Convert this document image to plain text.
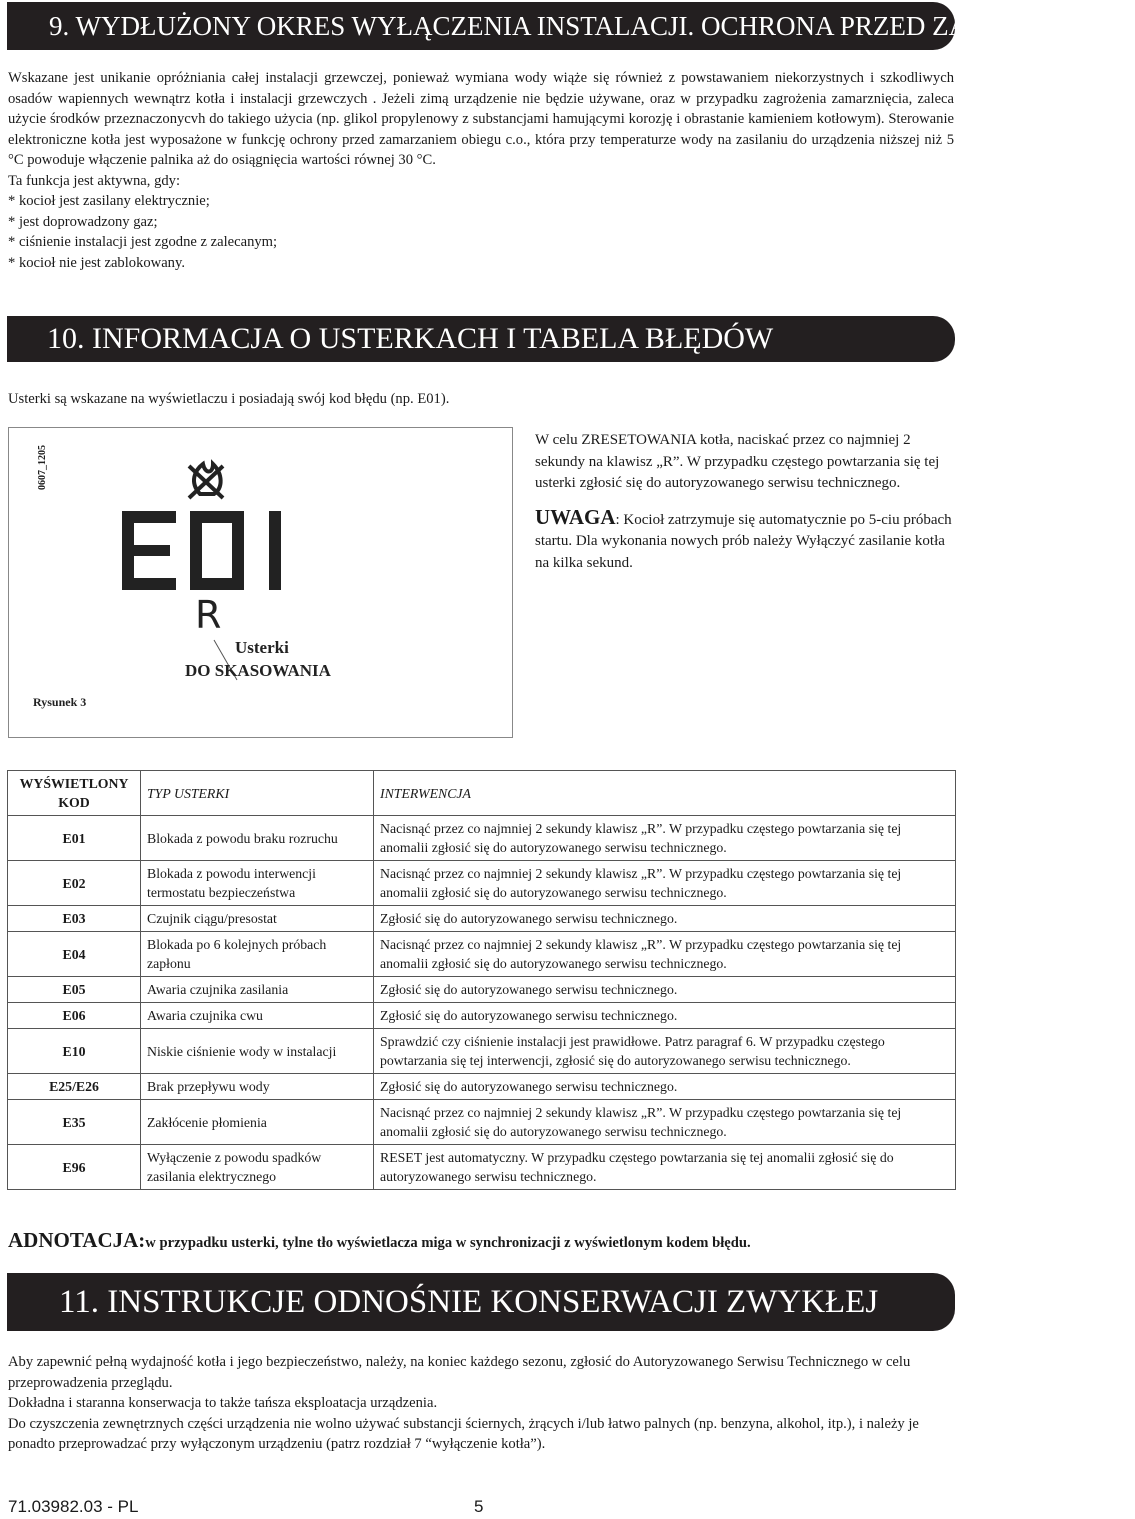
9. WYDŁUŻONY OKRES WYŁĄCZENIA INSTALACJI. OCHRONA PRZED ZAMARZANIEM

Wskazane jest unikanie opróżniania całej instalacji grzewczej, ponieważ wymiana wody wiąże się również z powstawaniem niekorzystnych i szkodliwych osadów wapiennych wewnątrz kotła i instalacji grzewczych . Jeżeli zimą urządzenie nie będzie używane, oraz w przypadku zagrożenia zamarznięcia, zaleca użycie środków przeznaczonycvh do takiego użycia (np. glikol propylenowy z substancjami hamującymi korozję i obrastanie kamieniem kotłowym). Sterowanie elektroniczne kotła jest wyposażone w funkcję ochrony przed zamarzaniem obiegu c.o., która przy temperaturze wody na zasilaniu do urządzenia niższej niż 5 °C powoduje włączenie palnika aż do osiągnięcia wartości równej 30 °C.

Ta funkcja jest aktywna, gdy:

* kocioł jest zasilany elektrycznie;

* jest doprowadzony gaz;

* ciśnienie instalacji jest zgodne z zalecanym;

* kocioł nie jest zablokowany.

10. INFORMACJA O USTERKACH I TABELA BŁĘDÓW
Usterki są wskazane na wyświetlaczu i posiadają swój kod błędu (np. E01).
0607_1205
R
Usterki
DO SKASOWANIA
Rysunek 3

W celu ZRESETOWANIA kotła, naciskać przez co najmniej 2 sekundy na klawisz „R”. W przypadku częstego powtarzania się tej usterki zgłosić się do autoryzowanego serwisu technicznego.

UWAGA: Kocioł zatrzymuje się automatycznie po 5-ciu próbach startu. Dla wykonania nowych prób należy Wyłączyć zasilanie kotła na kilka sekund.

WYŚWIETLONY KOD	TYP USTERKI	INTERWENCJA
E01	Blokada z powodu braku rozruchu	Nacisnąć przez co najmniej 2 sekundy klawisz „R”. W przypadku częstego powtarzania się tej anomalii zgłosić się do autoryzowanego serwisu technicznego.
E02	Blokada z powodu interwencji termostatu bezpieczeństwa	Nacisnąć przez co najmniej 2 sekundy klawisz „R”. W przypadku częstego powtarzania się tej anomalii zgłosić się do autoryzowanego serwisu technicznego.
E03	Czujnik ciągu/presostat	Zgłosić się do autoryzowanego serwisu technicznego.
E04	Blokada po 6 kolejnych próbach zapłonu	Nacisnąć przez co najmniej 2 sekundy klawisz „R”. W przypadku częstego powtarzania się tej anomalii zgłosić się do autoryzowanego serwisu technicznego.
E05	Awaria czujnika zasilania	Zgłosić się do autoryzowanego serwisu technicznego.
E06	Awaria czujnika cwu	Zgłosić się do autoryzowanego serwisu technicznego.
E10	Niskie ciśnienie wody w instalacji	Sprawdzić czy ciśnienie instalacji jest prawidłowe. Patrz paragraf 6. W przypadku częstego powtarzania się tej interwencji, zgłosić się do autoryzowanego serwisu technicznego.
E25/E26	Brak przepływu wody	Zgłosić się do autoryzowanego serwisu technicznego.
E35	Zakłócenie płomienia	Nacisnąć przez co najmniej 2 sekundy klawisz „R”. W przypadku częstego powtarzania się tej anomalii zgłosić się do autoryzowanego serwisu technicznego.
E96	Wyłączenie z powodu spadków zasilania elektrycznego	RESET jest automatyczny. W przypadku częstego powtarzania się tej anomalii zgłosić się do autoryzowanego serwisu technicznego.
ADNOTACJA:w przypadku usterki, tylne tło wyświetlacza miga w synchronizacji z wyświetlonym kodem błędu.
11. INSTRUKCJE ODNOŚNIE KONSERWACJI ZWYKŁEJ

Aby zapewnić pełną wydajność kotła i jego bezpieczeństwo, należy, na koniec każdego sezonu, zgłosić do Autoryzowanego Serwisu Technicznego w celu przeprowadzenia przeglądu.

Dokładna i staranna konserwacja to także tańsza eksploatacja urządzenia.

Do czyszczenia zewnętrznych części urządzenia nie wolno używać substancji ściernych, żrących i/lub łatwo palnych (np. benzyna, alkohol, itp.), i należy je ponadto przeprowadzać przy wyłączonym urządzeniu (patrz rozdział 7 “wyłączenie kotła”).

71.03982.03 - PL	5
